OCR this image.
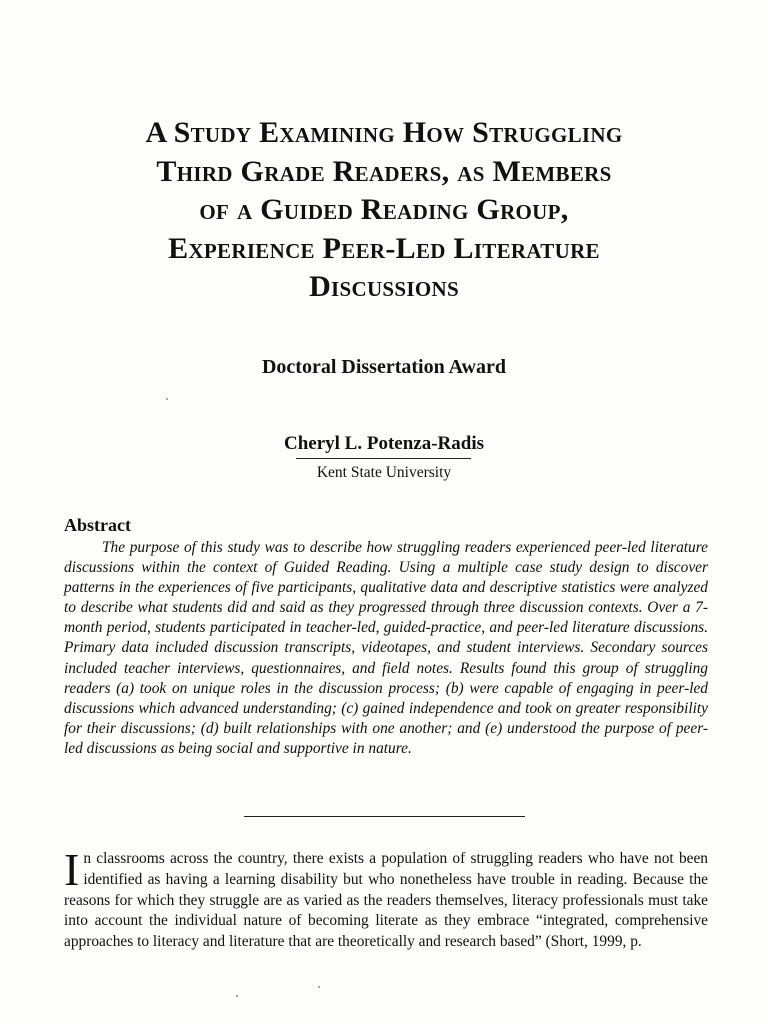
A Study Examining How Struggling
Third Grade Readers, as Members
of a Guided Reading Group,
Experience Peer-Led Literature
Discussions
Doctoral Dissertation Award
Cheryl L. Potenza-Radis
Kent State University
Abstract

The purpose of this study was to describe how struggling readers experienced peer-led literature discussions within the context of Guided Reading. Using a multiple case study design to discover patterns in the experiences of five participants, qualitative data and descriptive statistics were analyzed to describe what students did and said as they progressed through three discussion contexts. Over a 7-month period, students participated in teacher-led, guided-practice, and peer-led literature discussions. Primary data included discussion transcripts, videotapes, and student interviews. Secondary sources included teacher interviews, questionnaires, and field notes. Results found this group of struggling readers (a) took on unique roles in the discussion process; (b) were capable of engaging in peer-led discussions which advanced understanding; (c) gained independence and took on greater responsibility for their discussions; (d) built relationships with one another; and (e) understood the purpose of peer-led discussions as being social and supportive in nature.

In classrooms across the country, there exists a population of struggling readers who have not been identified as having a learning disability but who nonetheless have trouble in reading. Because the reasons for which they struggle are as varied as the readers themselves, literacy professionals must take into account the individual nature of becoming literate as they embrace “integrated, comprehensive approaches to literacy and literature that are theoretically and research based” (Short, 1999, p.
